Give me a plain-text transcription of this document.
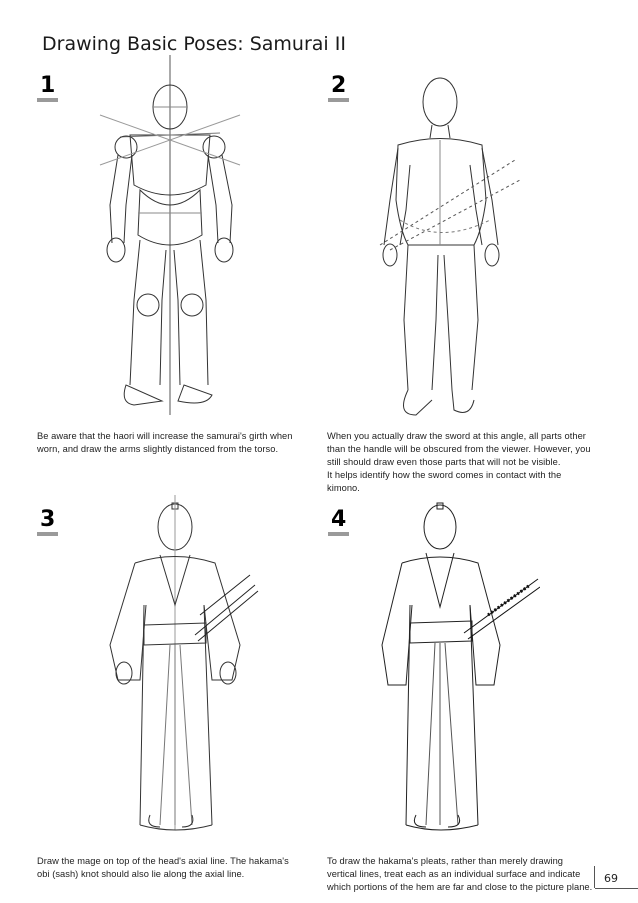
Drawing Basic Poses: Samurai II
1	2
3	4

Be aware that the haori will increase the samurai's girth when

worn, and draw the arms slightly distanced from the torso.

When you actually draw the sword at this angle, all parts other

than the handle will be obscured from the viewer. However, you

still should draw even those parts that will not be visible.

It helps identify how the sword comes in contact with the

kimono.

Draw the mage on top of the head's axial line. The hakama's

obi (sash) knot should also lie along the axial line.

To draw the hakama's pleats, rather than merely drawing

vertical lines, treat each as an individual surface and indicate

which portions of the hem are far and close to the picture plane.

69
